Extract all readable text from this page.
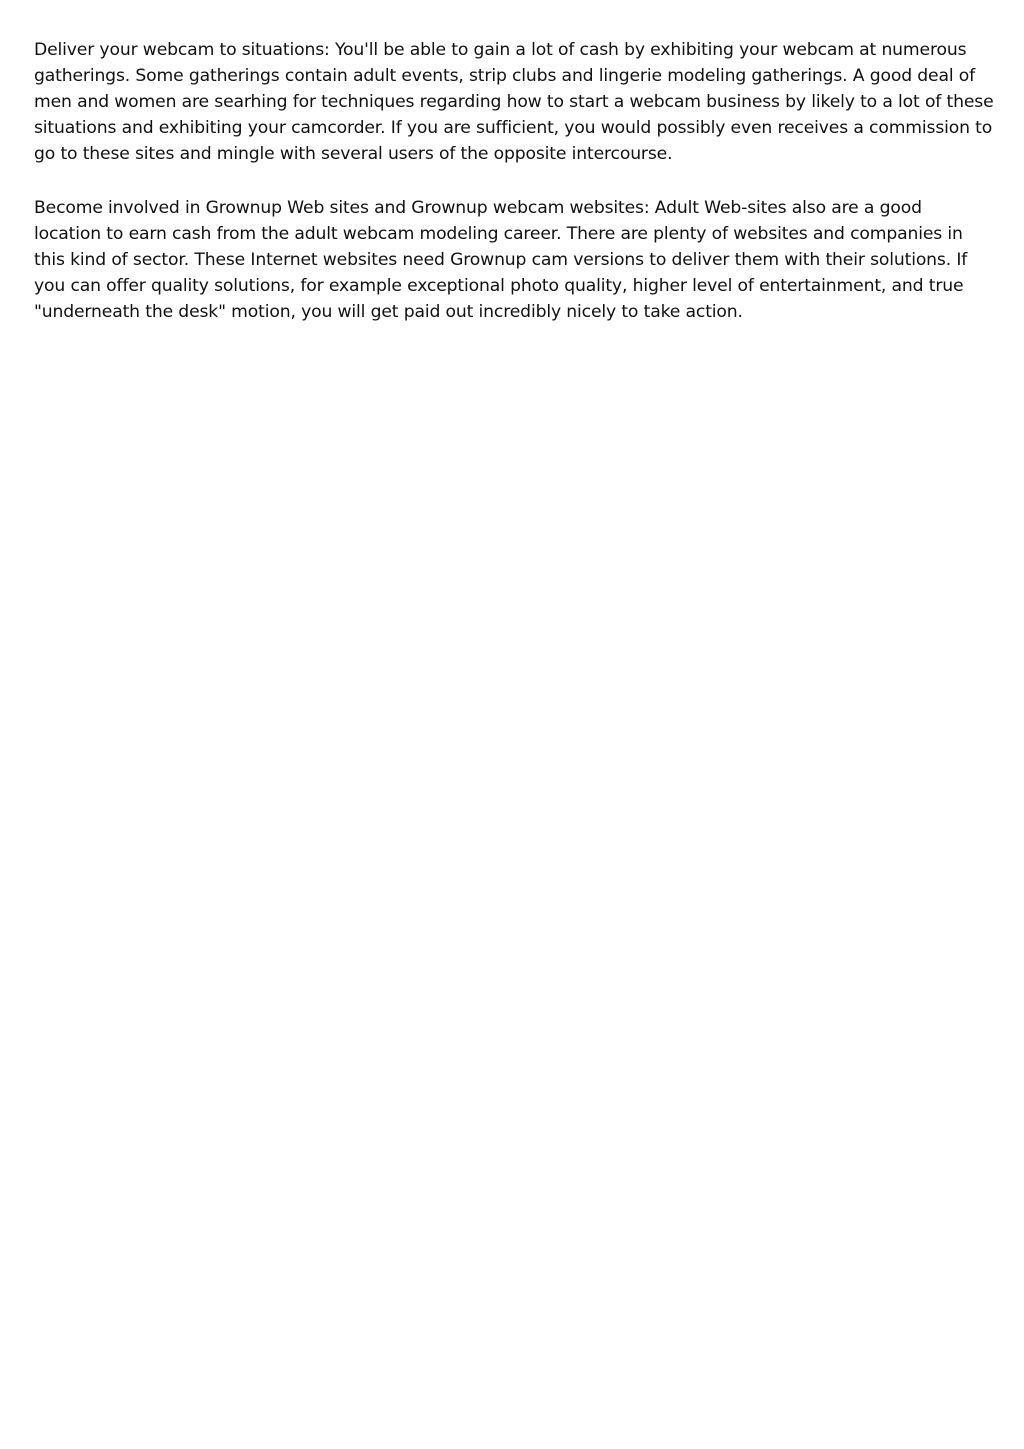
Deliver your webcam to situations: You'll be able to gain a lot of cash by exhibiting your webcam at numerous gatherings. Some gatherings contain adult events, strip clubs and lingerie modeling gatherings. A good deal of men and women are searhing for techniques regarding how to start a webcam business by likely to a lot of these situations and exhibiting your camcorder. If you are sufficient, you would possibly even receives a commission to go to these sites and mingle with several users of the opposite intercourse.

Become involved in Grownup Web sites and Grownup webcam websites: Adult Web-sites also are a good location to earn cash from the adult webcam modeling career. There are plenty of websites and companies in this kind of sector. These Internet websites need Grownup cam versions to deliver them with their solutions. If you can offer quality solutions, for example exceptional photo quality, higher level of entertainment, and true "underneath the desk" motion, you will get paid out incredibly nicely to take action.
